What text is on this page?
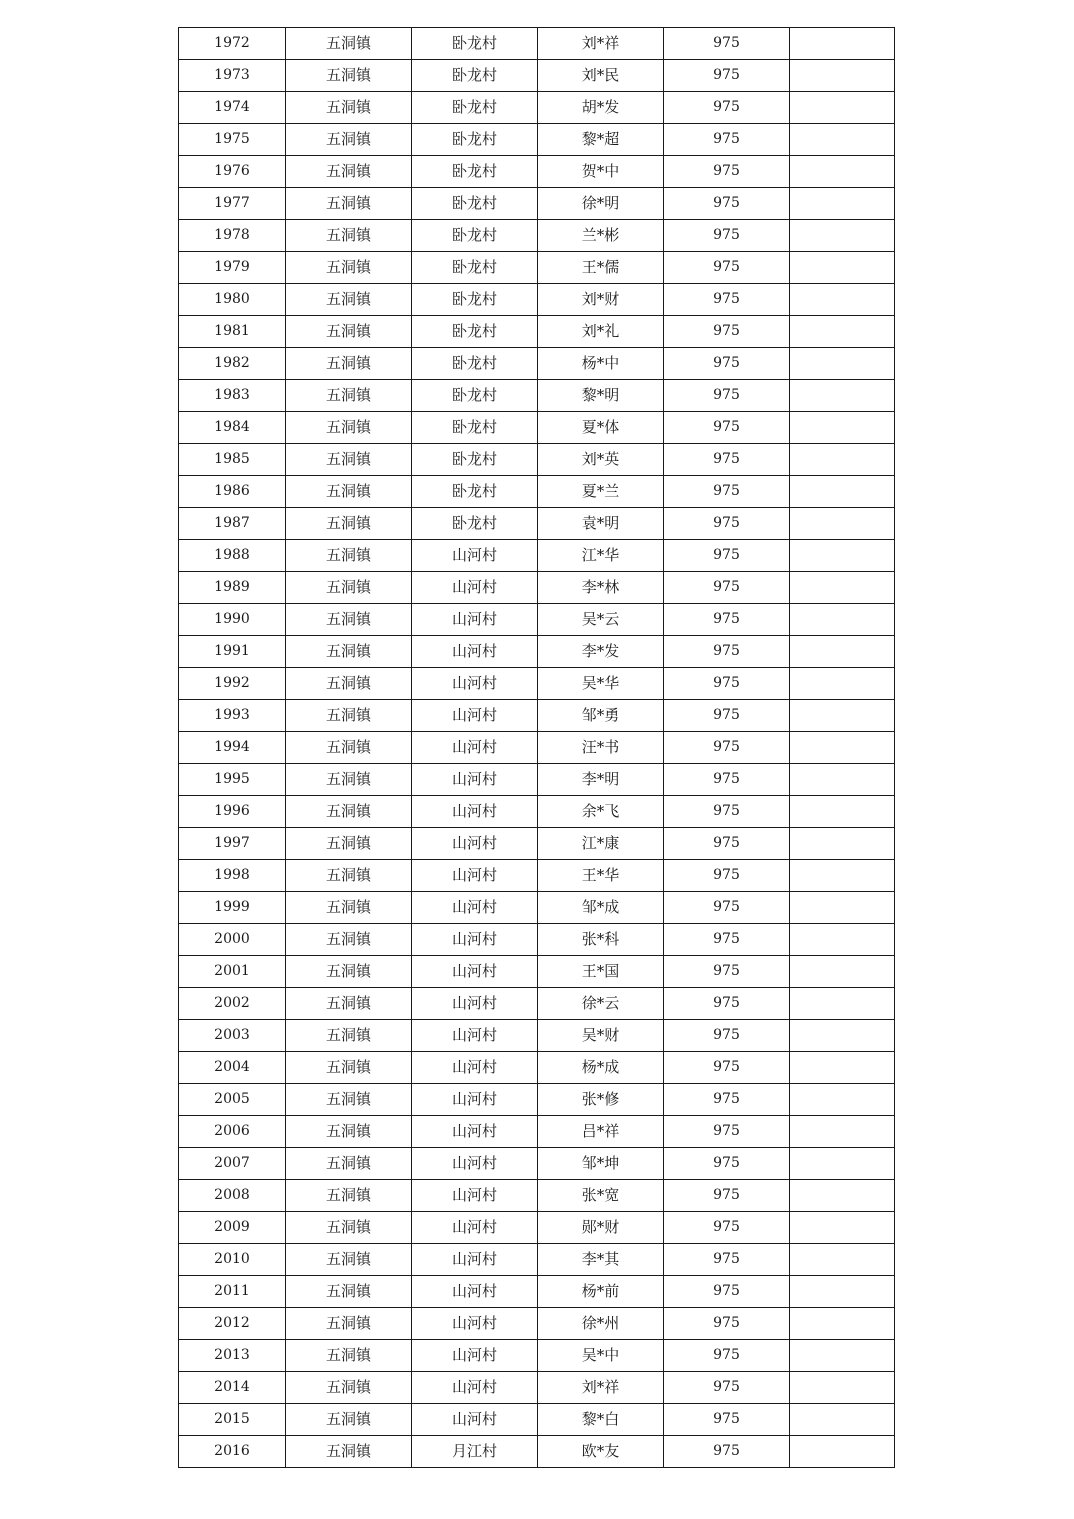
1972	五洞镇	卧龙村	刘*祥	975	
1973	五洞镇	卧龙村	刘*民	975	
1974	五洞镇	卧龙村	胡*发	975	
1975	五洞镇	卧龙村	黎*超	975	
1976	五洞镇	卧龙村	贺*中	975	
1977	五洞镇	卧龙村	徐*明	975	
1978	五洞镇	卧龙村	兰*彬	975	
1979	五洞镇	卧龙村	王*儒	975	
1980	五洞镇	卧龙村	刘*财	975	
1981	五洞镇	卧龙村	刘*礼	975	
1982	五洞镇	卧龙村	杨*中	975	
1983	五洞镇	卧龙村	黎*明	975	
1984	五洞镇	卧龙村	夏*体	975	
1985	五洞镇	卧龙村	刘*英	975	
1986	五洞镇	卧龙村	夏*兰	975	
1987	五洞镇	卧龙村	袁*明	975	
1988	五洞镇	山河村	江*华	975	
1989	五洞镇	山河村	李*林	975	
1990	五洞镇	山河村	吴*云	975	
1991	五洞镇	山河村	李*发	975	
1992	五洞镇	山河村	吴*华	975	
1993	五洞镇	山河村	邹*勇	975	
1994	五洞镇	山河村	汪*书	975	
1995	五洞镇	山河村	李*明	975	
1996	五洞镇	山河村	余*飞	975	
1997	五洞镇	山河村	江*康	975	
1998	五洞镇	山河村	王*华	975	
1999	五洞镇	山河村	邹*成	975	
2000	五洞镇	山河村	张*科	975	
2001	五洞镇	山河村	王*国	975	
2002	五洞镇	山河村	徐*云	975	
2003	五洞镇	山河村	吴*财	975	
2004	五洞镇	山河村	杨*成	975	
2005	五洞镇	山河村	张*修	975	
2006	五洞镇	山河村	吕*祥	975	
2007	五洞镇	山河村	邹*坤	975	
2008	五洞镇	山河村	张*宽	975	
2009	五洞镇	山河村	郧*财	975	
2010	五洞镇	山河村	李*其	975	
2011	五洞镇	山河村	杨*前	975	
2012	五洞镇	山河村	徐*州	975	
2013	五洞镇	山河村	吴*中	975	
2014	五洞镇	山河村	刘*祥	975	
2015	五洞镇	山河村	黎*白	975	
2016	五洞镇	月江村	欧*友	975	
